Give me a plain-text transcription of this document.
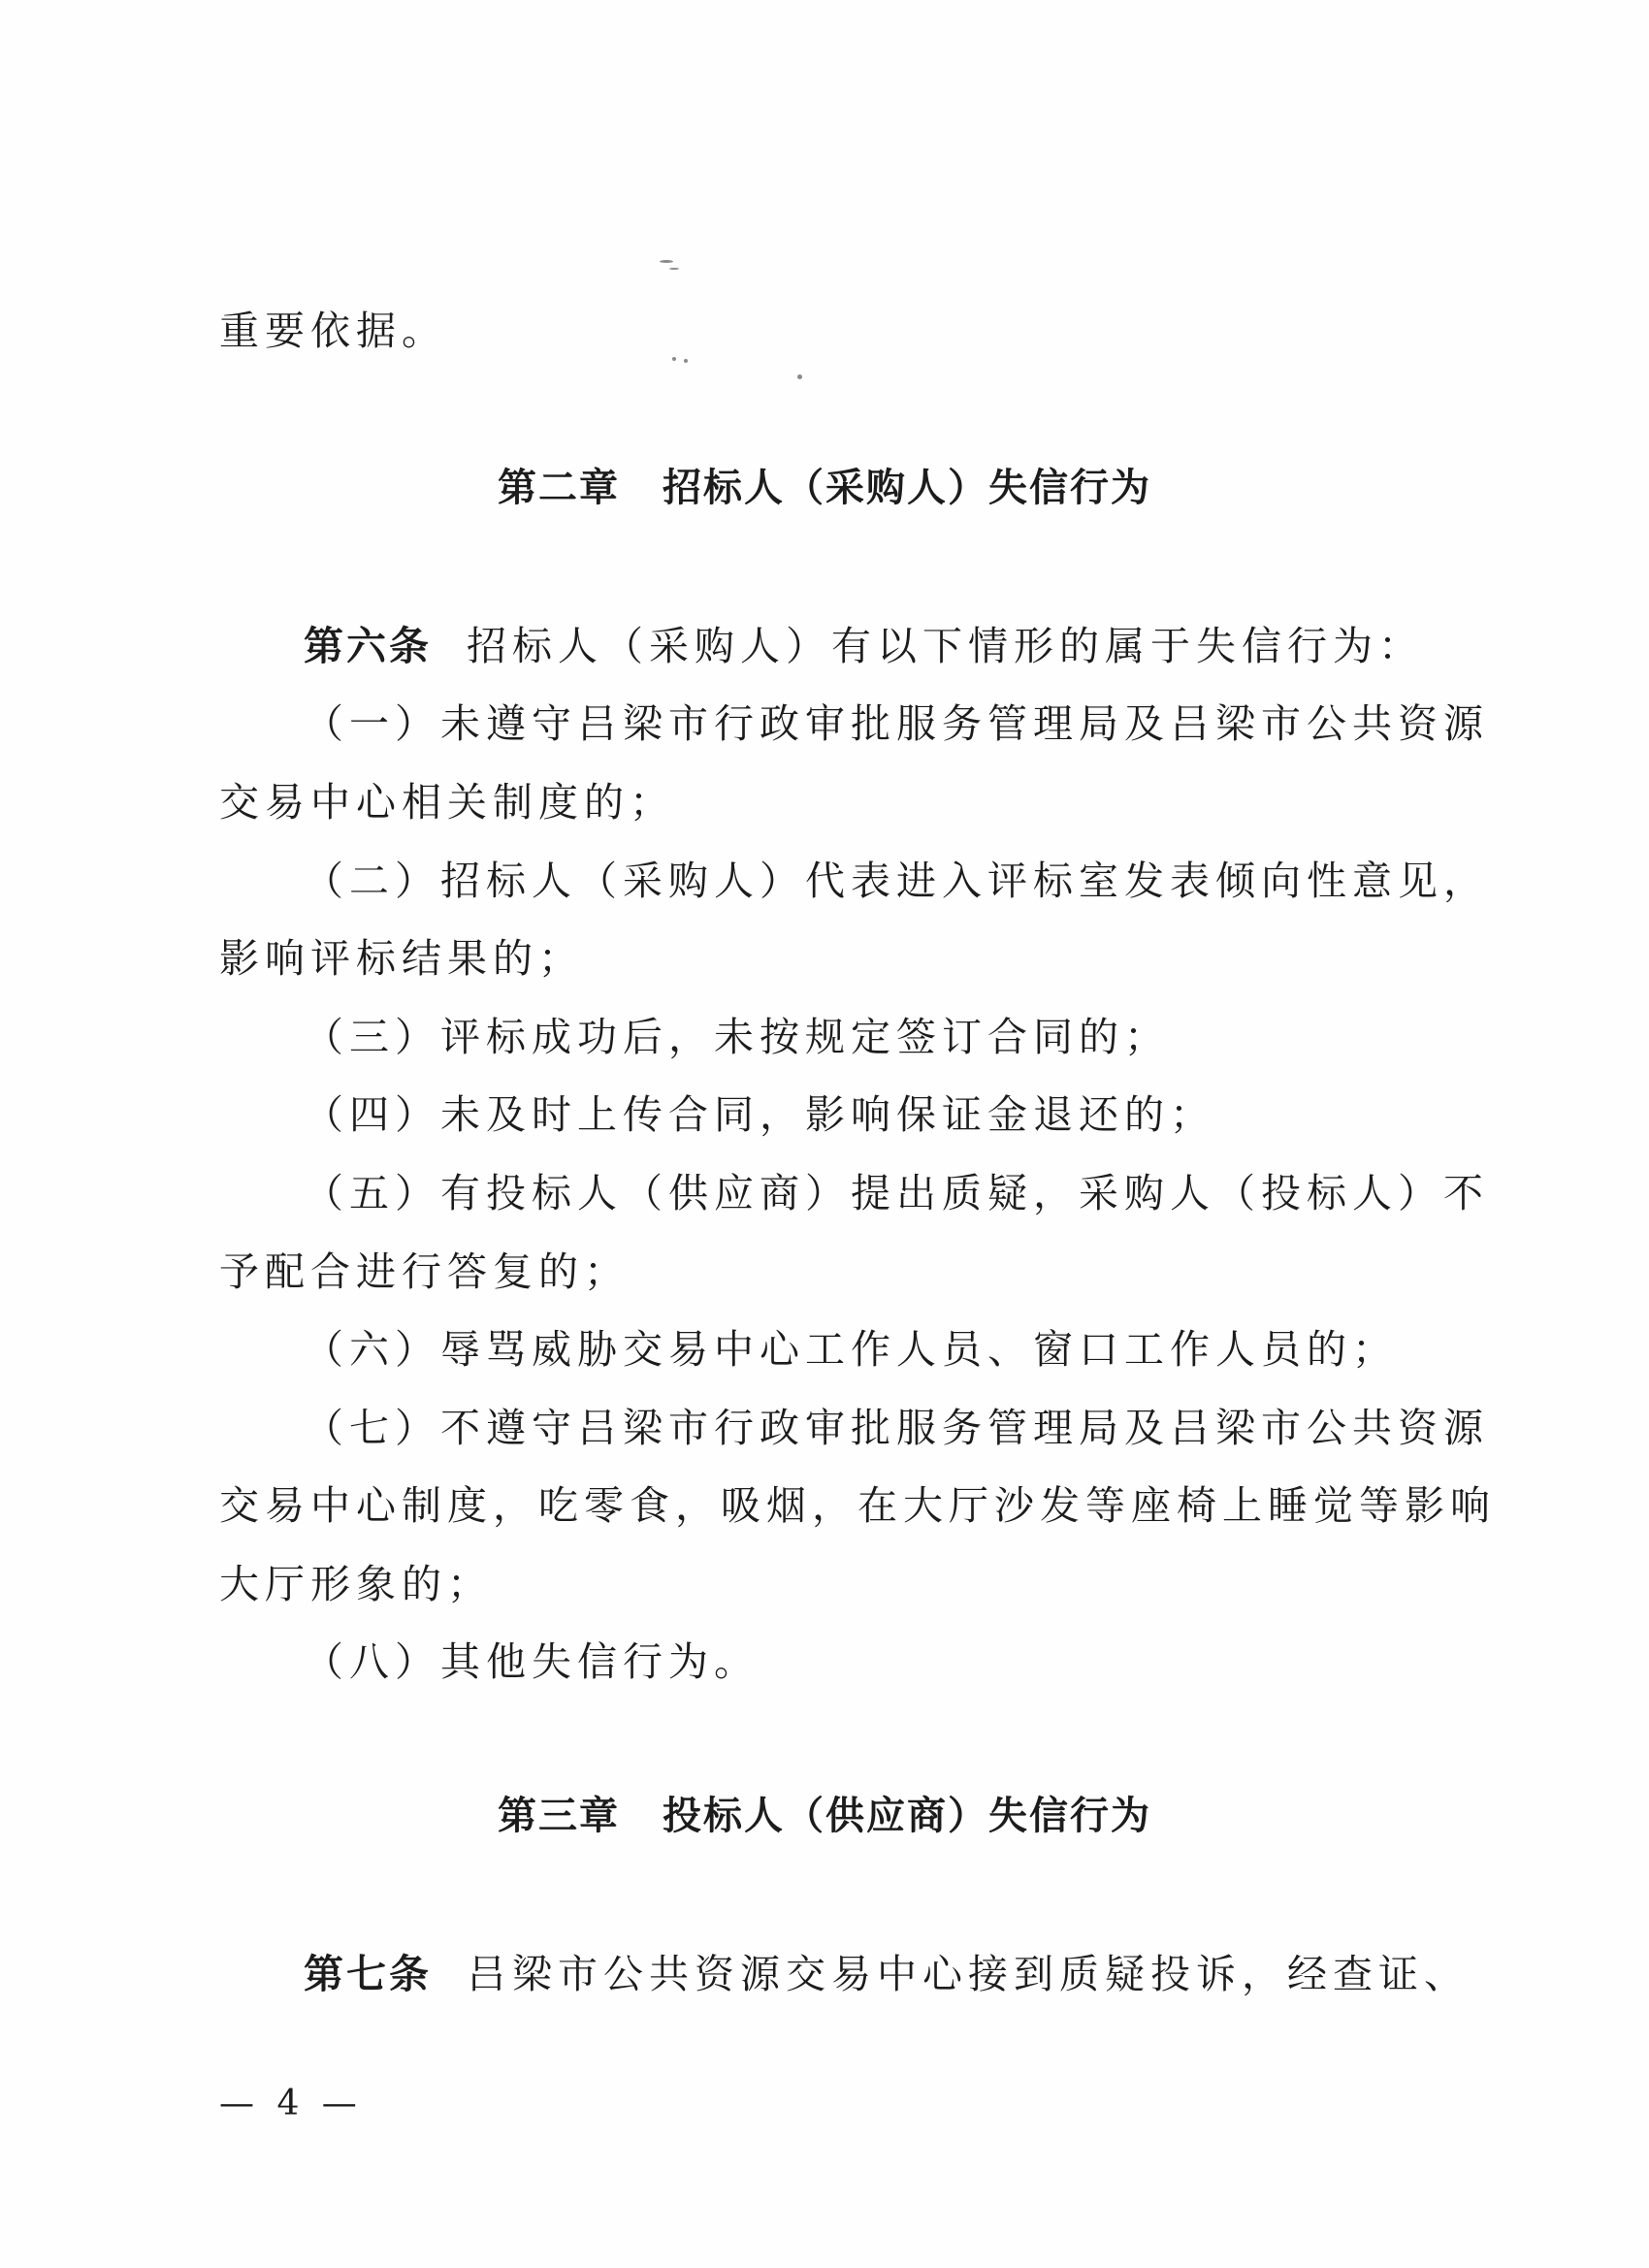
重要依据。
第二章 招标人（采购人）失信行为
第六条 招标人（采购人）有以下情形的属于失信行为：
（一）未遵守吕梁市行政审批服务管理局及吕梁市公共资源
交易中心相关制度的；
（二）招标人（采购人）代表进入评标室发表倾向性意见，
影响评标结果的；
（三）评标成功后，未按规定签订合同的；
（四）未及时上传合同，影响保证金退还的；
（五）有投标人（供应商）提出质疑，采购人（投标人）不
予配合进行答复的；
（六）辱骂威胁交易中心工作人员、窗口工作人员的；
（七）不遵守吕梁市行政审批服务管理局及吕梁市公共资源
交易中心制度，吃零食，吸烟，在大厅沙发等座椅上睡觉等影响
大厅形象的；
（八）其他失信行为。
第三章 投标人（供应商）失信行为
第七条 吕梁市公共资源交易中心接到质疑投诉，经查证、
— 4 —
